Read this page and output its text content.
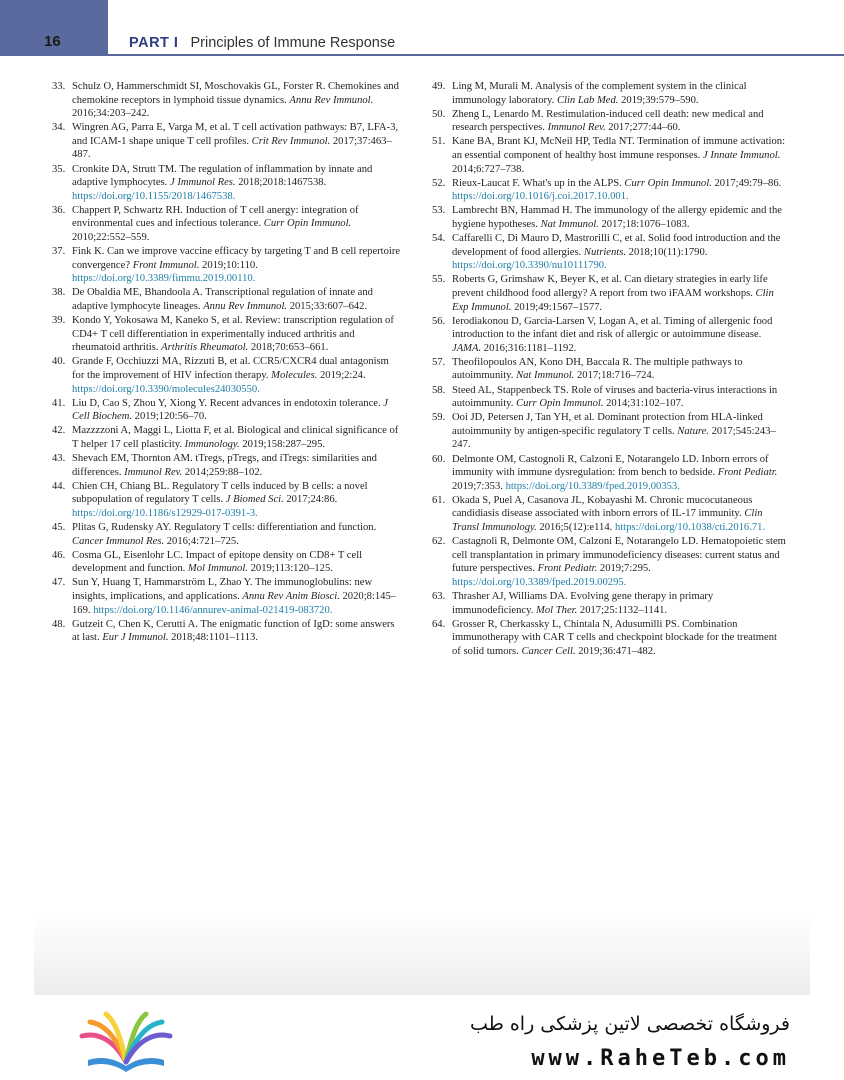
16	PART I Principles of Immune Response
33. Schulz O, Hammerschmidt SI, Moschovakis GL, Forster R. Chemokines and chemokine receptors in lymphoid tissue dynamics. Annu Rev Immunol. 2016;34:203–242.
34. Wingren AG, Parra E, Varga M, et al. T cell activation pathways: B7, LFA-3, and ICAM-1 shape unique T cell profiles. Crit Rev Immunol. 2017;37:463–487.
35. Cronkite DA, Strutt TM. The regulation of inflammation by innate and adaptive lymphocytes. J Immunol Res. 2018;2018:1467538. https://doi.org/10.1155/2018/1467538.
36. Chappert P, Schwartz RH. Induction of T cell anergy: integration of environmental cues and infectious tolerance. Curr Opin Immunol. 2010;22:552–559.
37. Fink K. Can we improve vaccine efficacy by targeting T and B cell repertoire convergence? Front Immunol. 2019;10:110. https://doi.org/10.3389/fimmu.2019.00110.
38. De Obaldia ME, Bhandoola A. Transcriptional regulation of innate and adaptive lymphocyte lineages. Annu Rev Immunol. 2015;33:607–642.
39. Kondo Y, Yokosawa M, Kaneko S, et al. Review: transcription regulation of CD4+ T cell differentiation in experimentally induced arthritis and rheumatoid arthritis. Arthritis Rheumatol. 2018;70:653–661.
40. Grande F, Occhiuzzi MA, Rizzuti B, et al. CCR5/CXCR4 dual antagonism for the improvement of HIV infection therapy. Molecules. 2019;2:24. https://doi.org/10.3390/molecules24030550.
41. Liu D, Cao S, Zhou Y, Xiong Y. Recent advances in endotoxin tolerance. J Cell Biochem. 2019;120:56–70.
42. Mazzzzoni A, Maggi L, Liotta F, et al. Biological and clinical significance of T helper 17 cell plasticity. Immunology. 2019;158:287–295.
43. Shevach EM, Thornton AM. tTregs, pTregs, and iTregs: similarities and differences. Immunol Rev. 2014;259:88–102.
44. Chien CH, Chiang BL. Regulatory T cells induced by B cells: a novel subpopulation of regulatory T cells. J Biomed Sci. 2017;24:86. https://doi.org/10.1186/s12929-017-0391-3.
45. Plitas G, Rudensky AY. Regulatory T cells: differentiation and function. Cancer Immunol Res. 2016;4:721–725.
46. Cosma GL, Eisenlohr LC. Impact of epitope density on CD8+ T cell development and function. Mol Immunol. 2019;113:120–125.
47. Sun Y, Huang T, Hammarström L, Zhao Y. The immunoglobulins: new insights, implications, and applications. Annu Rev Anim Biosci. 2020;8:145–169. https://doi.org/10.1146/annurev-animal-021419-083720.
48. Gutzeit C, Chen K, Cerutti A. The enigmatic function of IgD: some answers at last. Eur J Immunol. 2018;48:1101–1113.
49. Ling M, Murali M. Analysis of the complement system in the clinical immunology laboratory. Clin Lab Med. 2019;39:579–590.
50. Zheng L, Lenardo M. Restimulation-induced cell death: new medical and research perspectives. Immunol Rev. 2017;277:44–60.
51. Kane BA, Brant KJ, McNeil HP, Tedla NT. Termination of immune activation: an essential component of healthy host immune responses. J Innate Immunol. 2014;6:727–738.
52. Rieux-Laucat F. What's up in the ALPS. Curr Opin Immunol. 2017;49:79–86. https://doi.org/10.1016/j.coi.2017.10.001.
53. Lambrecht BN, Hammad H. The immunology of the allergy epidemic and the hygiene hypotheses. Nat Immunol. 2017;18:1076–1083.
54. Caffarelli C, Di Mauro D, Mastrorilli C, et al. Solid food introduction and the development of food allergies. Nutrients. 2018;10(11):1790. https://doi.org/10.3390/nu10111790.
55. Roberts G, Grimshaw K, Beyer K, et al. Can dietary strategies in early life prevent childhood food allergy? A report from two iFAAM workshops. Clin Exp Immunol. 2019;49:1567–1577.
56. Ierodiakonou D, Garcia-Larsen V, Logan A, et al. Timing of allergenic food introduction to the infant diet and risk of allergic or autoimmune disease. JAMA. 2016;316:1181–1192.
57. Theofilopoulos AN, Kono DH, Baccala R. The multiple pathways to autoimmunity. Nat Immunol. 2017;18:716–724.
58. Steed AL, Stappenbeck TS. Role of viruses and bacteria-virus interactions in autoimmunity. Curr Opin Immunol. 2014;31:102–107.
59. Ooi JD, Petersen J, Tan YH, et al. Dominant protection from HLA-linked autoimmunity by antigen-specific regulatory T cells. Nature. 2017;545:243–247.
60. Delmonte OM, Castognoli R, Calzoni E, Notarangelo LD. Inborn errors of immunity with immune dysregulation: from bench to bedside. Front Pediatr. 2019;7:353. https://doi.org/10.3389/fped.2019.00353.
61. Okada S, Puel A, Casanova JL, Kobayashi M. Chronic mucocutaneous candidiasis disease associated with inborn errors of IL-17 immunity. Clin Transl Immunology. 2016;5(12):e114. https://doi.org/10.1038/cti.2016.71.
62. Castagnoli R, Delmonte OM, Calzoni E, Notarangelo LD. Hematopoietic stem cell transplantation in primary immunodeficiency diseases: current status and future perspectives. Front Pediatr. 2019;7:295. https://doi.org/10.3389/fped.2019.00295.
63. Thrasher AJ, Williams DA. Evolving gene therapy in primary immunodeficiency. Mol Ther. 2017;25:1132–1141.
64. Grosser R, Cherkassky L, Chintala N, Adusumilli PS. Combination immunotherapy with CAR T cells and checkpoint blockade for the treatment of solid tumors. Cancer Cell. 2019;36:471–482.
فروشگاه تخصصی لاتین پزشکی راه طب
www.RaheTeb.com
